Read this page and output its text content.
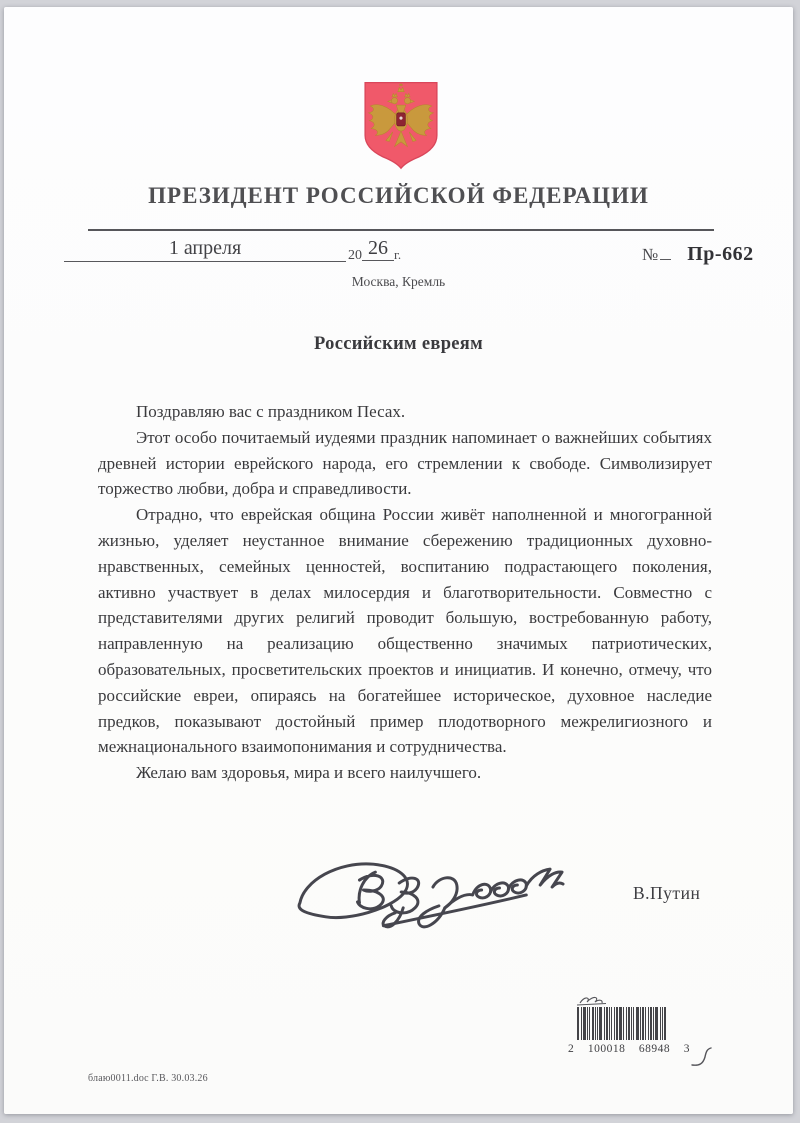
ПРЕЗИДЕНТ РОССИЙСКОЙ ФЕДЕРАЦИИ
1 апреля	20 26 $_{г.}$	№ Пр-662
Москва, Кремль
Российским евреям

Поздравляю вас с праздником Песах.

Этот особо почитаемый иудеями праздник напоминает о важнейших событиях древней истории еврейского народа, его стремлении к свободе. Символизирует торжество любви, добра и справедливости.

Отрадно, что еврейская община России живёт наполненной и многогранной жизнью, уделяет неустанное внимание сбережению традиционных духовно-нравственных, семейных ценностей, воспитанию подрастающего поколения, активно участвует в делах милосердия и благотворительности. Совместно с представителями других религий проводит большую, востребованную работу, направленную на реализацию общественно значимых патриотических, образовательных, просветительских проектов и инициатив. И конечно, отмечу, что российские евреи, опираясь на богатейшее историческое, духовное наследие предков, показывают достойный пример плодотворного межрелигиозного и межнационального взаимопонимания и сотрудничества.

Желаю вам здоровья, мира и всего наилучшего.

В.Путин
2 100018 68948 3
блаю0011.doc Г.В. 30.03.26
